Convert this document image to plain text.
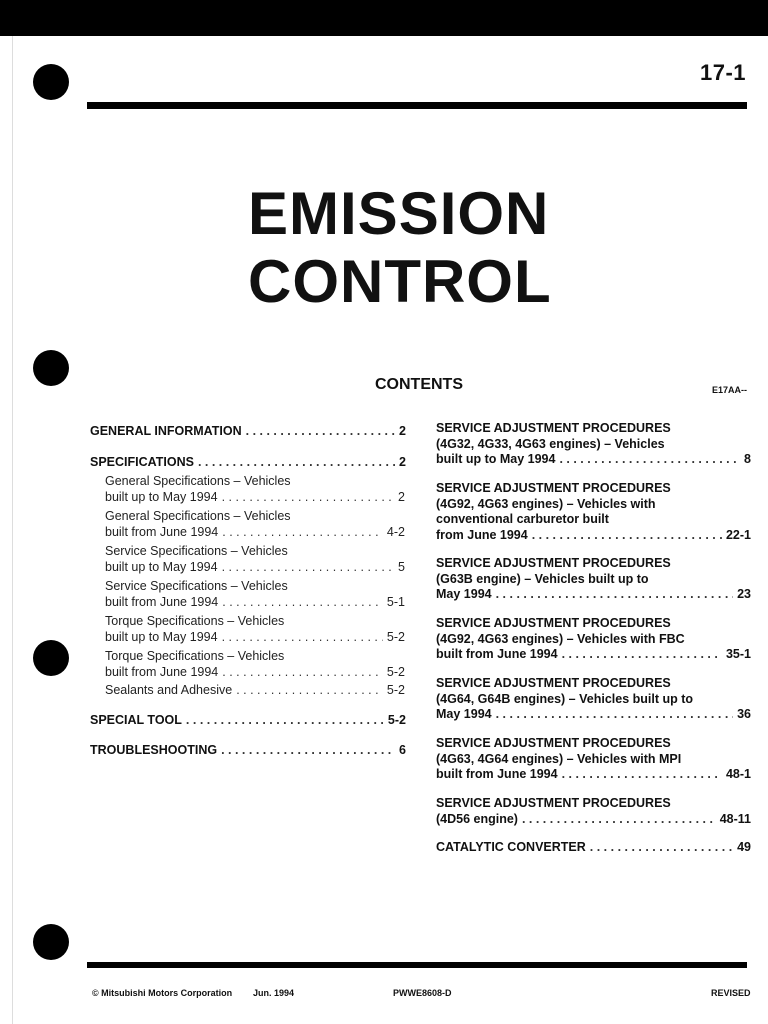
17-1
EMISSION
CONTROL
CONTENTS	E17AA--
GENERAL INFORMATION . . .	2
SPECIFICATIONS . . .	2
General Specifications – Vehicles
built up to May 1994 . . .	2
General Specifications – Vehicles
built from June 1994 . . .	4-2
Service Specifications – Vehicles
built up to May 1994 . . .	5
Service Specifications – Vehicles
built from June 1994 . . .	5-1
Torque Specifications – Vehicles
built up to May 1994 . . .	5-2
Torque Specifications – Vehicles
built from June 1994 . . .	5-2
Sealants and Adhesive . . .	5-2
SPECIAL TOOL . . .	5-2
TROUBLESHOOTING . . .	6
SERVICE ADJUSTMENT PROCEDURES
(4G32, 4G33, 4G63 engines) – Vehicles
built up to May 1994 . . .	8
SERVICE ADJUSTMENT PROCEDURES
(4G92, 4G63 engines) – Vehicles with
conventional carburetor built
from June 1994 . . .	22-1
SERVICE ADJUSTMENT PROCEDURES
(G63B engine) – Vehicles built up to
May 1994 . . .	23
SERVICE ADJUSTMENT PROCEDURES
(4G92, 4G63 engines) – Vehicles with FBC
built from June 1994 . . .	35-1
SERVICE ADJUSTMENT PROCEDURES
(4G64, G64B engines) – Vehicles built up to
May 1994 . . .	36
SERVICE ADJUSTMENT PROCEDURES
(4G63, 4G64 engines) – Vehicles with MPI
built from June 1994 . . .	48-1
SERVICE ADJUSTMENT PROCEDURES
(4D56 engine) . . .	48-11
CATALYTIC CONVERTER . . .	49
© Mitsubishi Motors Corporation Jun. 1994	PWWE8608-D	REVISED
